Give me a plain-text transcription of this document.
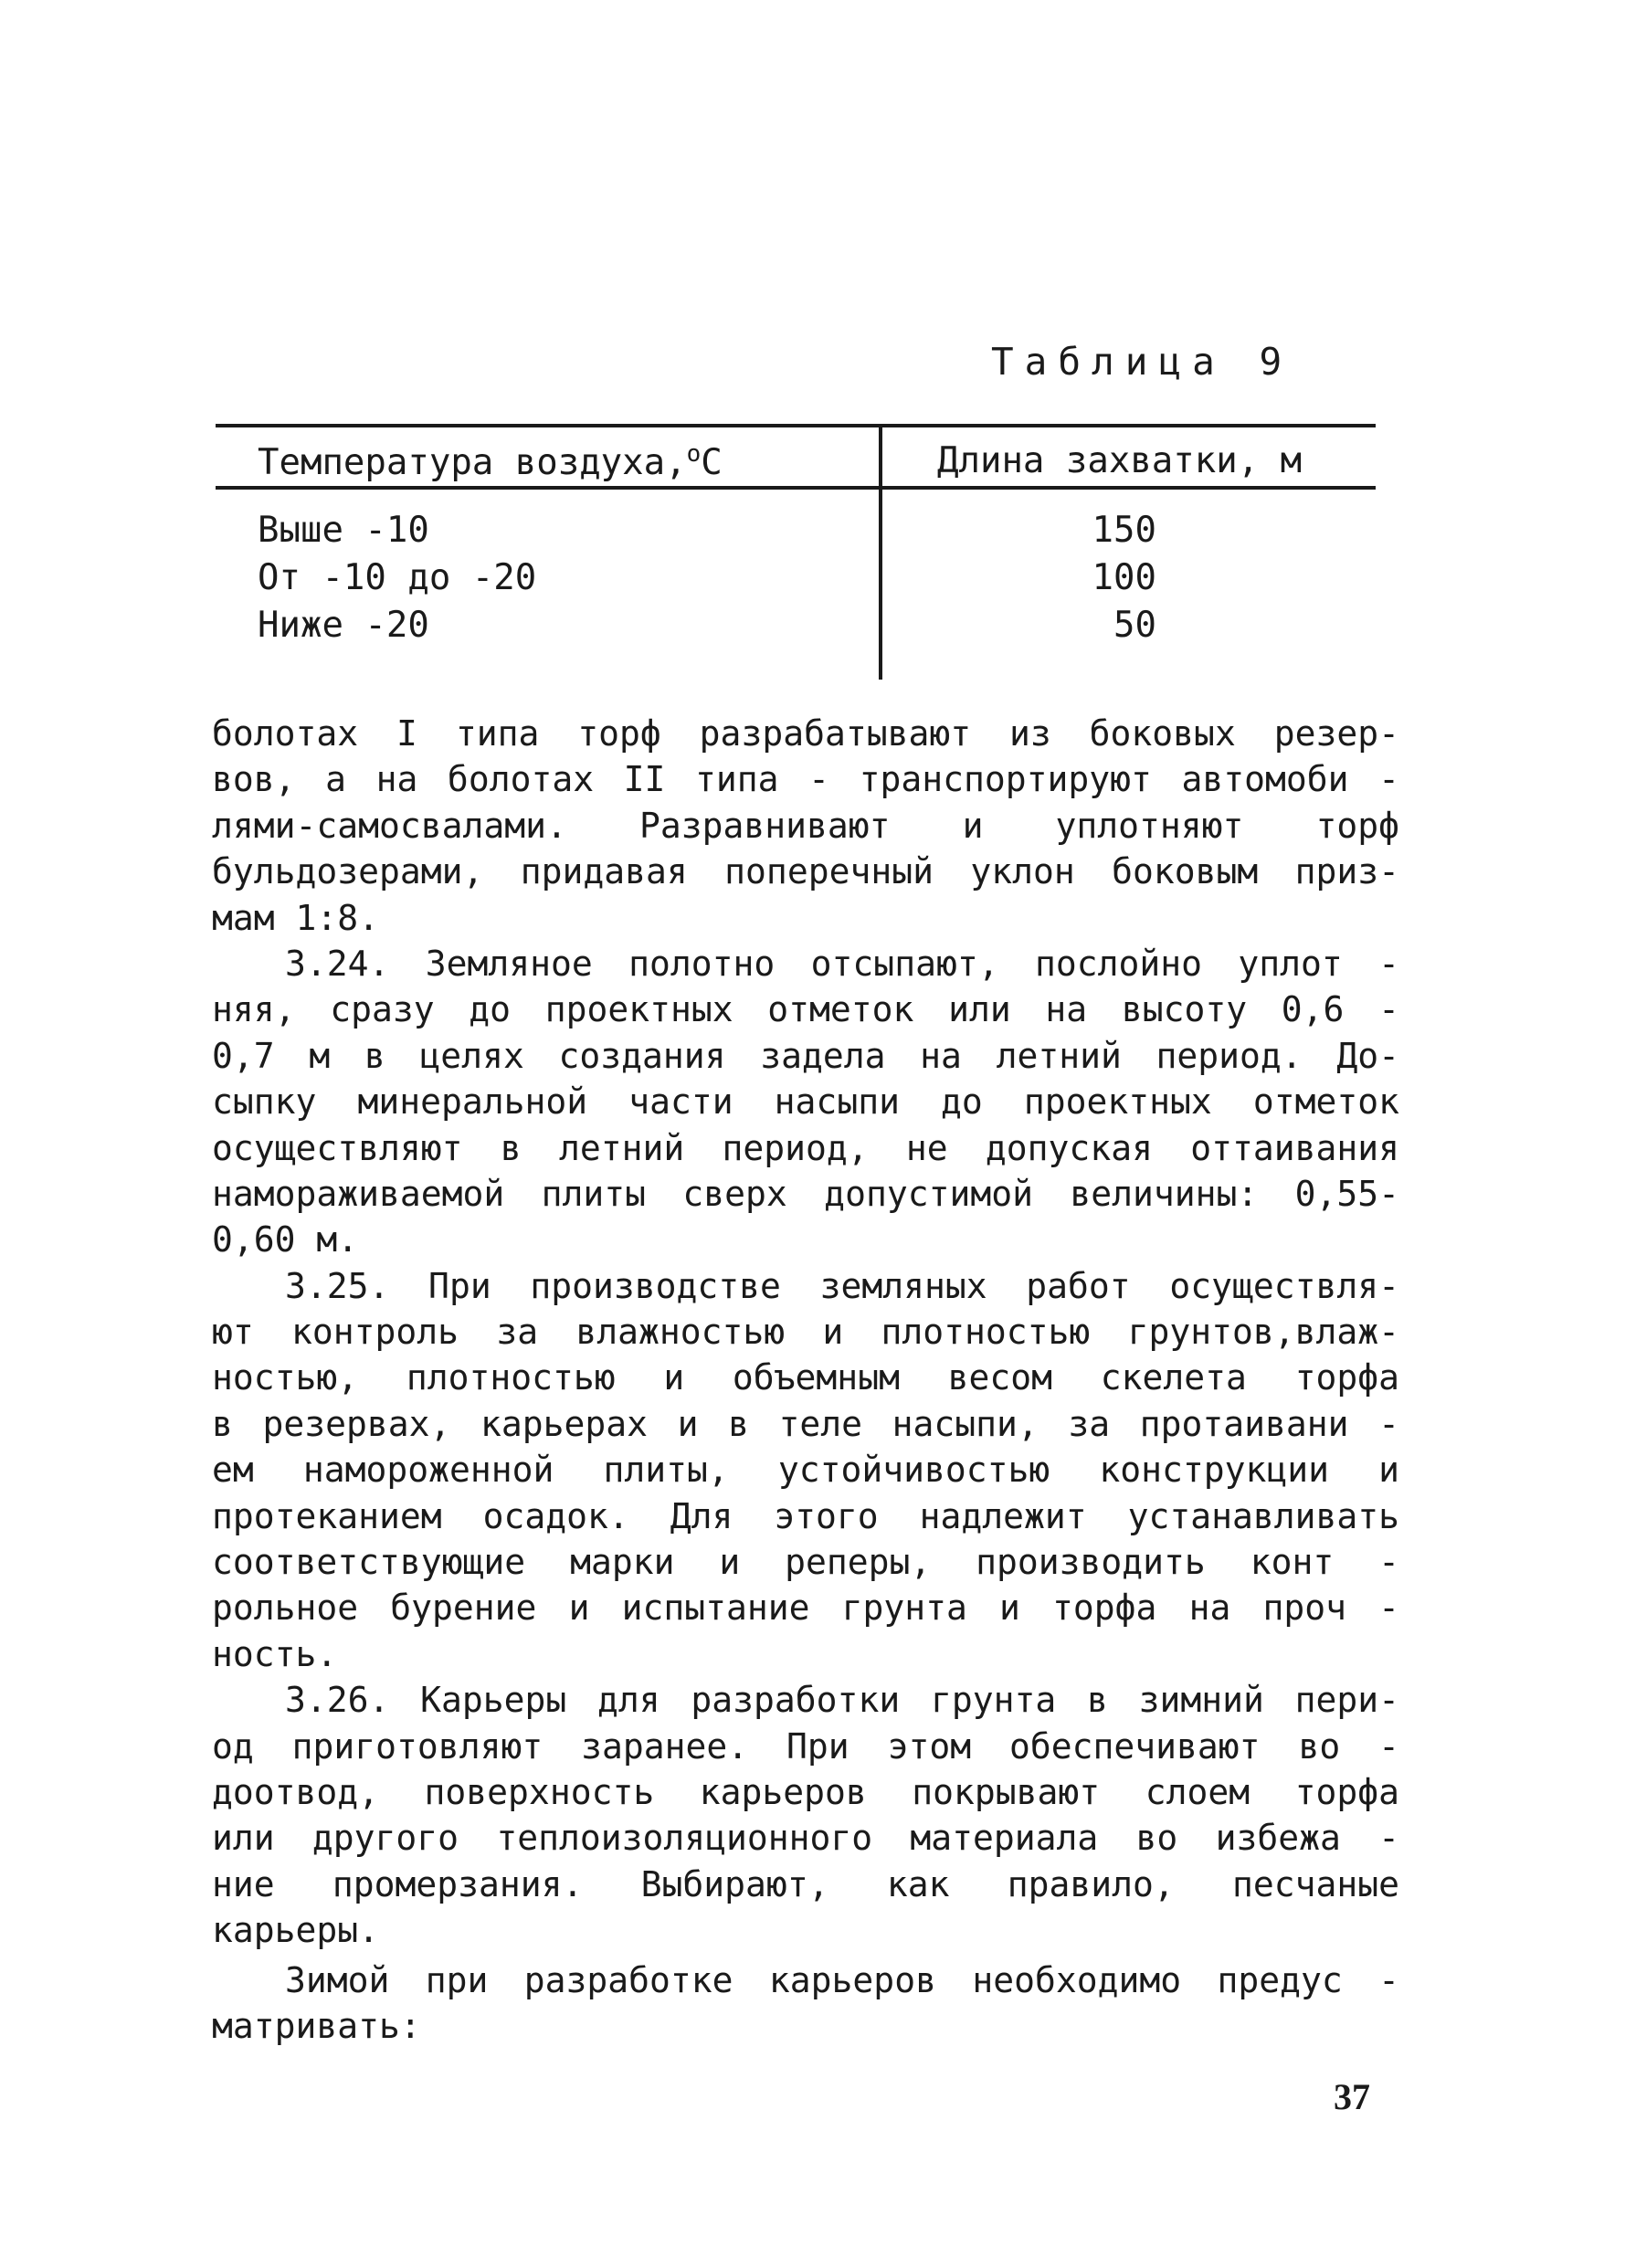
Таблица 9
Температура воздуха,$^о$С	Длина захватки, м
Выше -10	150
От -10 до -20	100
Ниже -20	50
болотах I типа торф разрабатывают из боковых резер-
вов, а на болотах II типа - транспортируют автомоби -
лями-самосвалами. Разравнивают и уплотняют торф
бульдозерами, придавая поперечный уклон боковым приз-
мам 1:8.
3.24. Земляное полотно отсыпают, послойно уплот -
няя, сразу до проектных отметок или на высоту 0,6 -
0,7 м в целях создания задела на летний период. До-
сыпку минеральной части насыпи до проектных отметок
осуществляют в летний период, не допуская оттаивания
намораживаемой плиты сверх допустимой величины: 0,55-
0,60 м.
3.25. При производстве земляных работ осуществля-
ют контроль за влажностью и плотностью грунтов,влаж-
ностью, плотностью и объемным весом скелета торфа
в резервах, карьерах и в теле насыпи, за протаивани -
ем намороженной плиты, устойчивостью конструкции и
протеканием осадок. Для этого надлежит устанавливать
соответствующие марки и реперы, производить конт -
рольное бурение и испытание грунта и торфа на проч -
ность.
3.26. Карьеры для разработки грунта в зимний пери-
од приготовляют заранее. При этом обеспечивают во -
доотвод, поверхность карьеров покрывают слоем торфа
или другого теплоизоляционного материала во избежа -
ние промерзания. Выбирают, как правило, песчаные
карьеры.
Зимой при разработке карьеров необходимо предус -
матривать:
37
